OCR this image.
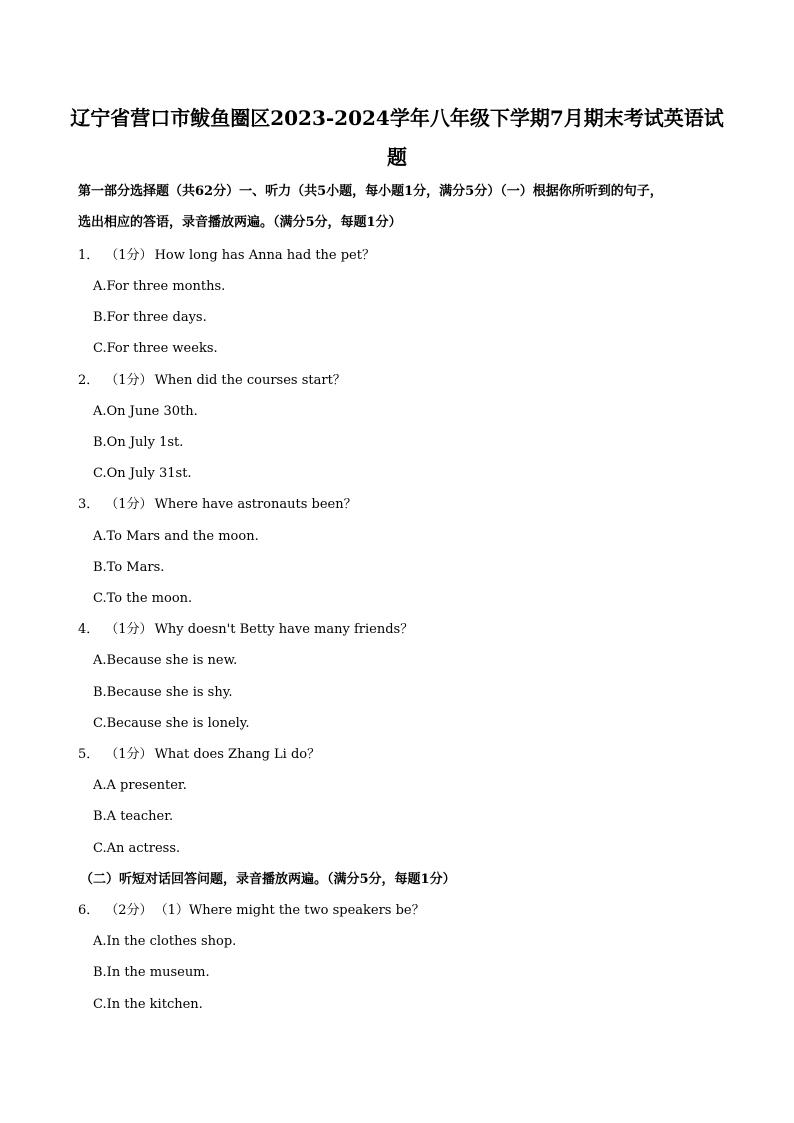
辽宁省营口市鲅鱼圈区2023-2024学年八年级下学期7月期末考试英语试
题
第一部分选择题（共62分）一、听力（共5小题，每小题1分，满分5分）（一）根据你所听到的句子，
选出相应的答语，录音播放两遍。（满分5分，每题1分）
1． （1分） How long has Anna had the pet？
A.For three months.
B.For three days.
C.For three weeks.
2． （1分） When did the courses start？
A.On June 30th.
B.On July 1st.
C.On July 31st.
3． （1分） Where have astronauts been？
A.To Mars and the moon.
B.To Mars.
C.To the moon.
4． （1分） Why doesn't Betty have many friends？
A.Because she is new.
B.Because she is shy.
C.Because she is lonely.
5． （1分） What does Zhang Li do？
A.A presenter.
B.A teacher.
C.An actress.
（二）听短对话回答问题，录音播放两遍。（满分5分，每题1分）
6． （2分） （1）Where might the two speakers be？
A.In the clothes shop.
B.In the museum.
C.In the kitchen.
